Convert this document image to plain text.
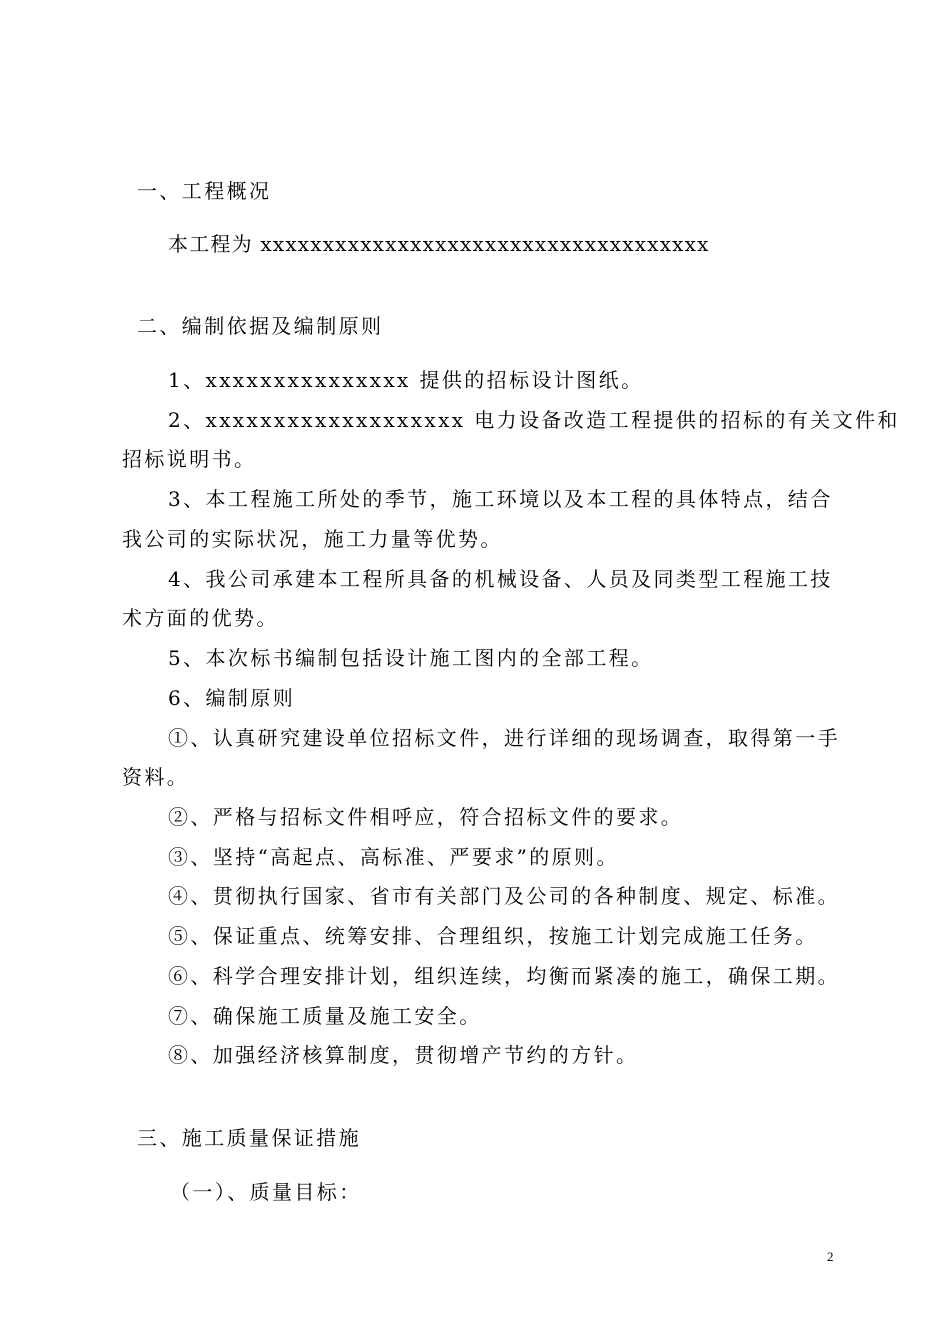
一、工程概况
本工程为 xxxxxxxxxxxxxxxxxxxxxxxxxxxxxxxxxxxx
二、编制依据及编制原则
1、xxxxxxxxxxxxxxx 提供的招标设计图纸。
2、xxxxxxxxxxxxxxxxxxx 电力设备改造工程提供的招标的有关文件和
招标说明书。
3、本工程施工所处的季节，施工环境以及本工程的具体特点，结合
我公司的实际状况，施工力量等优势。
4、我公司承建本工程所具备的机械设备、人员及同类型工程施工技
术方面的优势。
5、本次标书编制包括设计施工图内的全部工程。
6、编制原则
①、认真研究建设单位招标文件，进行详细的现场调查，取得第一手
资料。
②、严格与招标文件相呼应，符合招标文件的要求。
③、坚持“高起点、高标准、严要求”的原则。
④、贯彻执行国家、省市有关部门及公司的各种制度、规定、标准。
⑤、保证重点、统筹安排、合理组织，按施工计划完成施工任务。
⑥、科学合理安排计划，组织连续，均衡而紧凑的施工，确保工期。
⑦、确保施工质量及施工安全。
⑧、加强经济核算制度，贯彻增产节约的方针。
三、施工质量保证措施
（一）、质量目标：
2
